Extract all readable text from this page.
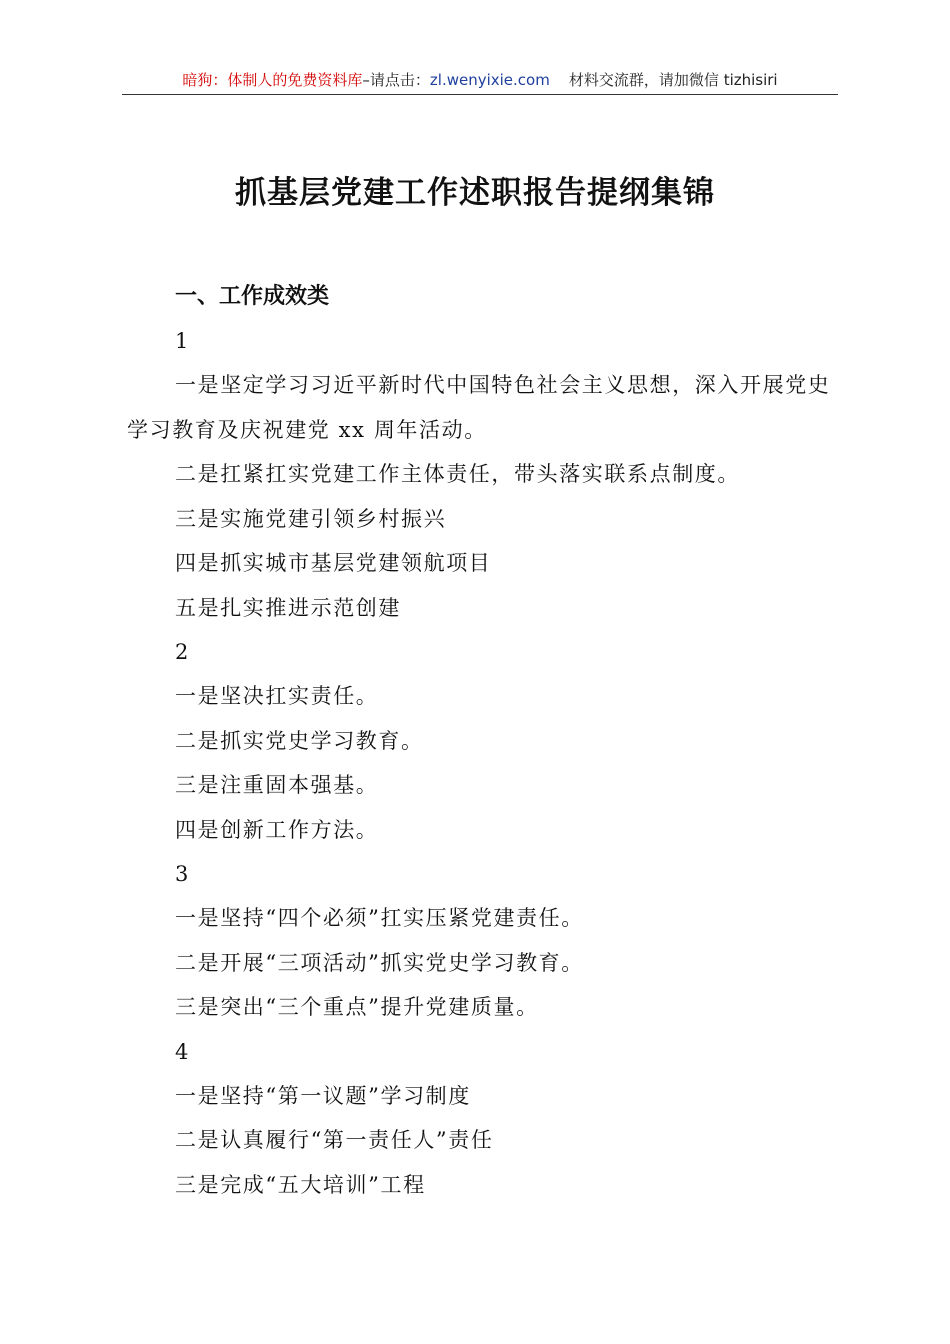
暗狗：体制人的免费资料库–请点击：zl.wenyixie.com 材料交流群，请加微信 tizhisiri
抓基层党建工作述职报告提纲集锦
一、工作成效类
1

一是坚定学习习近平新时代中国特色社会主义思想，深入开展党史学习教育及庆祝建党 xx 周年活动。

二是扛紧扛实党建工作主体责任，带头落实联系点制度。

三是实施党建引领乡村振兴

四是抓实城市基层党建领航项目

五是扎实推进示范创建

2

一是坚决扛实责任。

二是抓实党史学习教育。

三是注重固本强基。

四是创新工作方法。

3

一是坚持“四个必须”扛实压紧党建责任。

二是开展“三项活动”抓实党史学习教育。

三是突出“三个重点”提升党建质量。

4

一是坚持“第一议题”学习制度

二是认真履行“第一责任人”责任

三是完成“五大培训”工程
